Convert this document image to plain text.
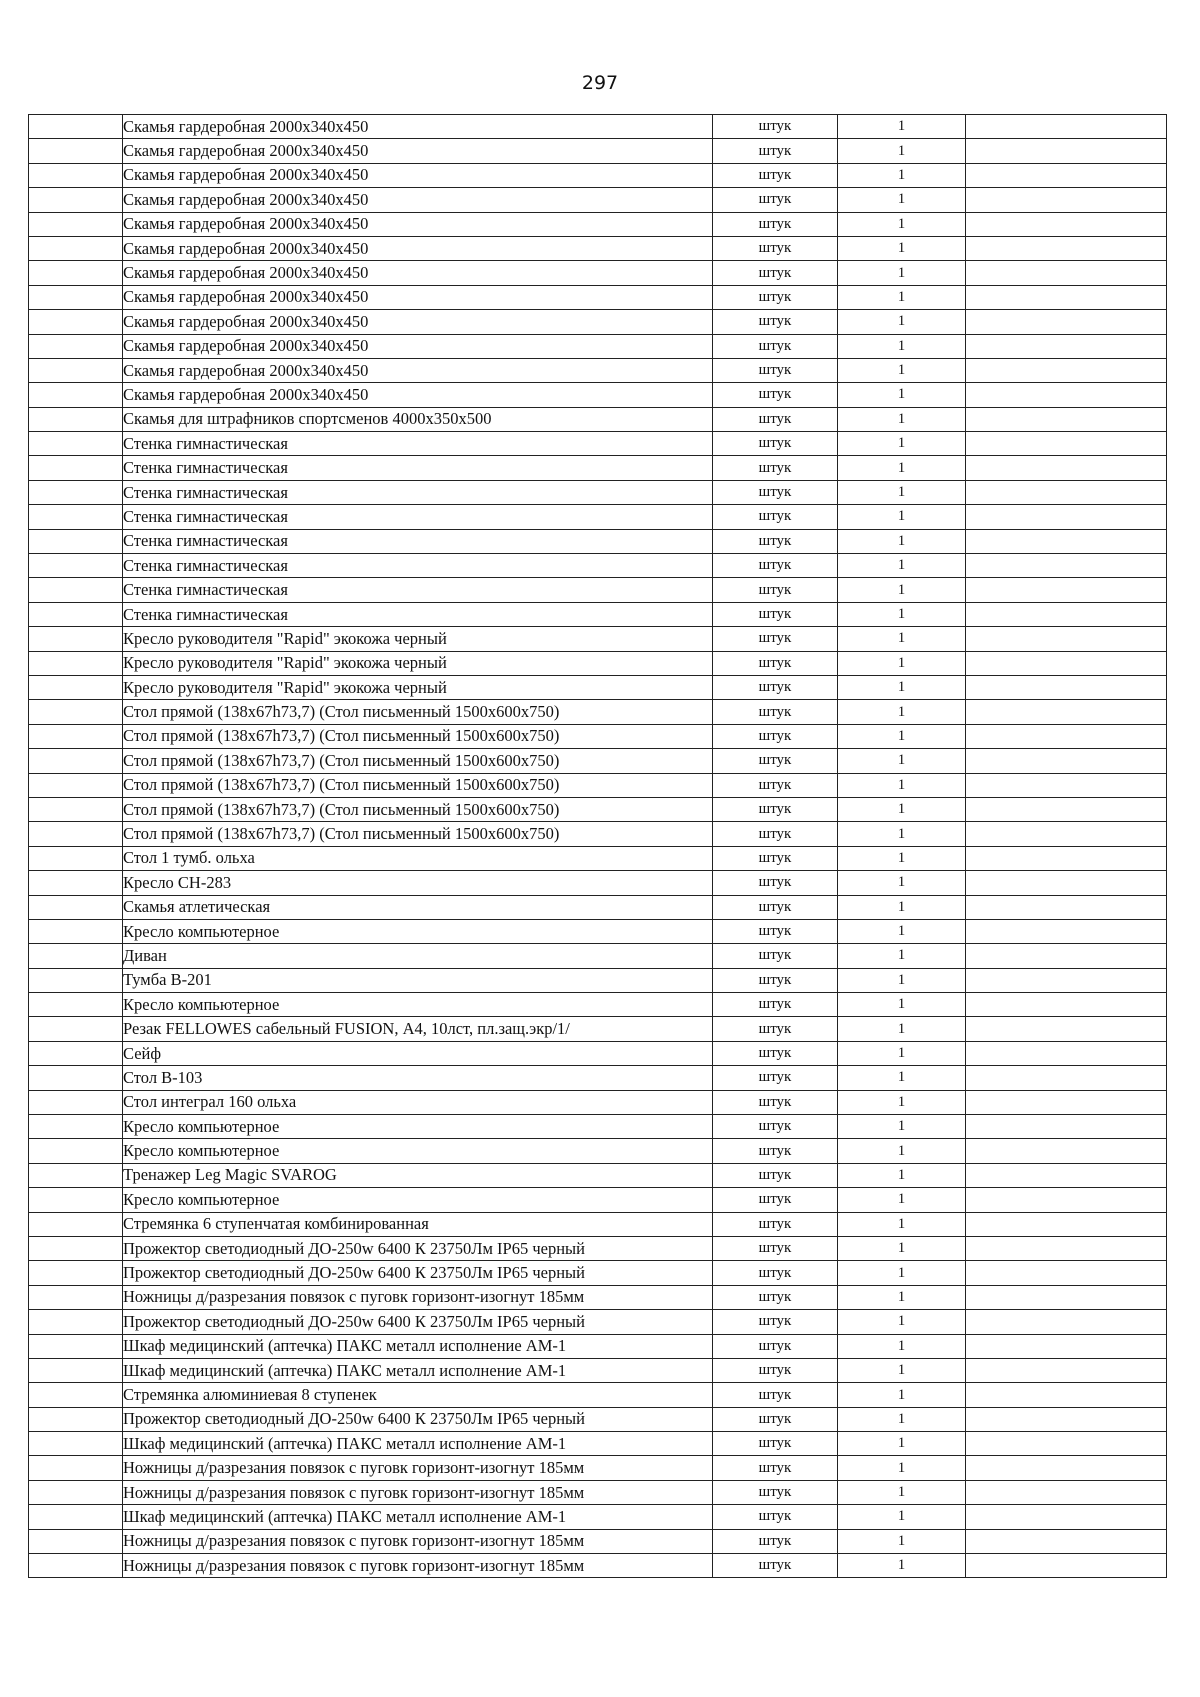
297
	Скамья гардеробная 2000х340х450	штук	1	
	Скамья гардеробная 2000х340х450	штук	1	
	Скамья гардеробная 2000х340х450	штук	1	
	Скамья гардеробная 2000х340х450	штук	1	
	Скамья гардеробная 2000х340х450	штук	1	
	Скамья гардеробная 2000х340х450	штук	1	
	Скамья гардеробная 2000х340х450	штук	1	
	Скамья гардеробная 2000х340х450	штук	1	
	Скамья гардеробная 2000х340х450	штук	1	
	Скамья гардеробная 2000х340х450	штук	1	
	Скамья гардеробная 2000х340х450	штук	1	
	Скамья гардеробная 2000х340х450	штук	1	
	Скамья для штрафников спортсменов 4000х350х500	штук	1	
	Стенка гимнастическая	штук	1	
	Стенка гимнастическая	штук	1	
	Стенка гимнастическая	штук	1	
	Стенка гимнастическая	штук	1	
	Стенка гимнастическая	штук	1	
	Стенка гимнастическая	штук	1	
	Стенка гимнастическая	штук	1	
	Стенка гимнастическая	штук	1	
	Кресло руководителя "Rapid" экокожа черный	штук	1	
	Кресло руководителя "Rapid" экокожа черный	штук	1	
	Кресло руководителя "Rapid" экокожа черный	штук	1	
	Стол прямой (138х67h73,7) (Стол письменный 1500х600х750)	штук	1	
	Стол прямой (138х67h73,7) (Стол письменный 1500х600х750)	штук	1	
	Стол прямой (138х67h73,7) (Стол письменный 1500х600х750)	штук	1	
	Стол прямой (138х67h73,7) (Стол письменный 1500х600х750)	штук	1	
	Стол прямой (138х67h73,7) (Стол письменный 1500х600х750)	штук	1	
	Стол прямой (138х67h73,7) (Стол письменный 1500х600х750)	штук	1	
	Стол 1 тумб. ольха	штук	1	
	Кресло CH-283	штук	1	
	Скамья атлетическая	штук	1	
	Кресло компьютерное	штук	1	
	Диван	штук	1	
	Тумба В-201	штук	1	
	Кресло компьютерное	штук	1	
	Резак FELLOWES сабельный FUSION, А4, 10лст, пл.защ.экр/1/	штук	1	
	Сейф	штук	1	
	Стол В-103	штук	1	
	Стол интеграл 160 ольха	штук	1	
	Кресло компьютерное	штук	1	
	Кресло компьютерное	штук	1	
	Тренажер Leg Magic SVAROG	штук	1	
	Кресло компьютерное	штук	1	
	Стремянка 6 ступенчатая комбинированная	штук	1	
	Прожектор светодиодный ДО-250w 6400 К 23750Лм IP65 черный	штук	1	
	Прожектор светодиодный ДО-250w 6400 К 23750Лм IP65 черный	штук	1	
	Ножницы д/разрезания повязок с пуговк горизонт-изогнут 185мм	штук	1	
	Прожектор светодиодный ДО-250w 6400 К 23750Лм IP65 черный	штук	1	
	Шкаф медицинский (аптечка) ПАКС металл исполнение АМ-1	штук	1	
	Шкаф медицинский (аптечка) ПАКС металл исполнение АМ-1	штук	1	
	Стремянка алюминиевая 8 ступенек	штук	1	
	Прожектор светодиодный ДО-250w 6400 К 23750Лм IP65 черный	штук	1	
	Шкаф медицинский (аптечка) ПАКС металл исполнение АМ-1	штук	1	
	Ножницы д/разрезания повязок с пуговк горизонт-изогнут 185мм	штук	1	
	Ножницы д/разрезания повязок с пуговк горизонт-изогнут 185мм	штук	1	
	Шкаф медицинский (аптечка) ПАКС металл исполнение АМ-1	штук	1	
	Ножницы д/разрезания повязок с пуговк горизонт-изогнут 185мм	штук	1	
	Ножницы д/разрезания повязок с пуговк горизонт-изогнут 185мм	штук	1	
